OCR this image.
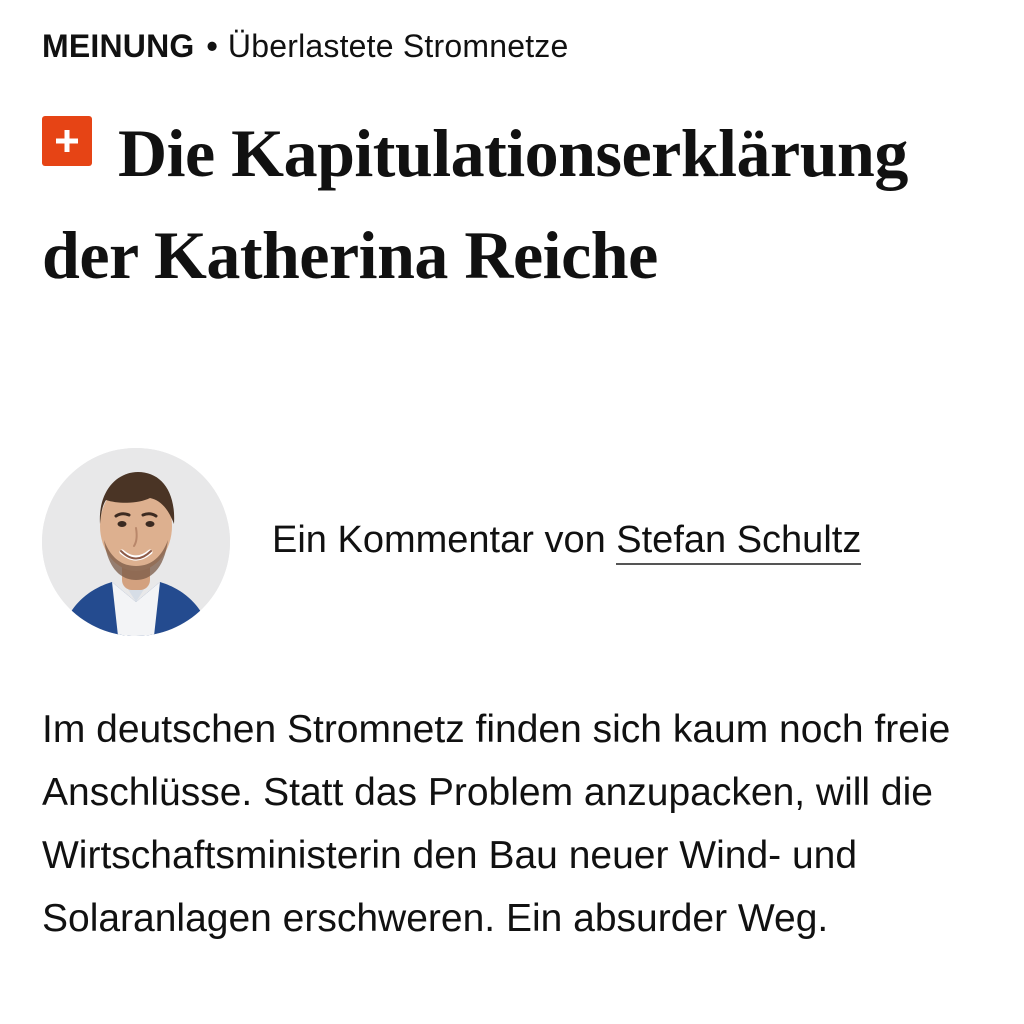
MEINUNG • Überlastete Stromnetze
Die Kapitulationserklärung der Katherina Reiche
Ein Kommentar von Stefan Schultz

Im deutschen Stromnetz finden sich kaum noch freie Anschlüsse. Statt das Problem anzupacken, will die Wirtschaftsministerin den Bau neuer Wind- und Solaranlagen erschweren. Ein absurder Weg.
